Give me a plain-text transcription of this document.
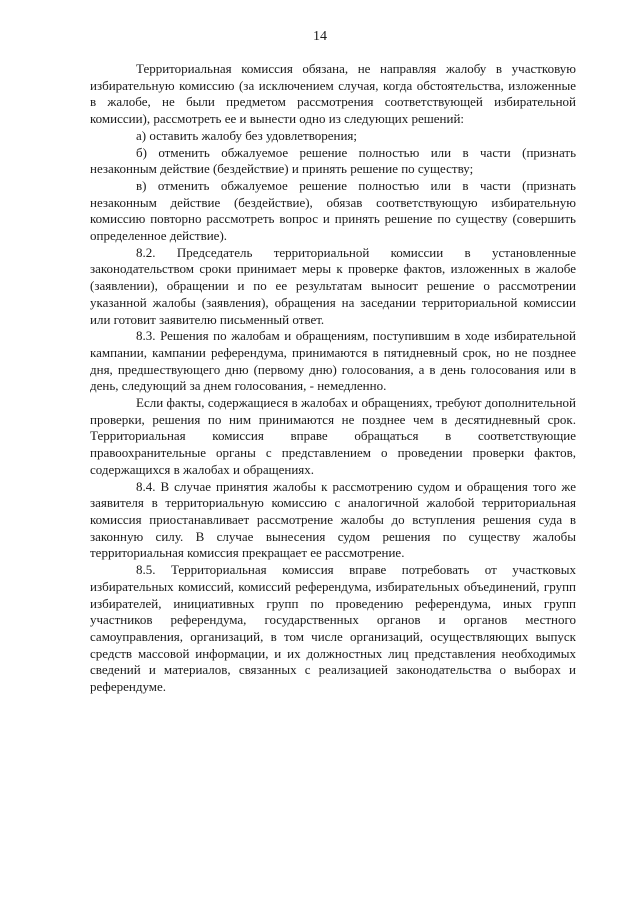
14

Территориальная комиссия обязана, не направляя жалобу в участковую избирательную комиссию (за исключением случая, когда обстоятельства, изложенные в жалобе, не были предметом рассмотрения соответствующей избирательной комиссии), рассмотреть ее и вынести одно из следующих решений:

а) оставить жалобу без удовлетворения;

б) отменить обжалуемое решение полностью или в части (признать незаконным действие (бездействие) и принять решение по существу;

в) отменить обжалуемое решение полностью или в части (признать незаконным действие (бездействие), обязав соответствующую избирательную комиссию повторно рассмотреть вопрос и принять решение по существу (совершить определенное действие).

8.2. Председатель территориальной комиссии в установленные законодательством сроки принимает меры к проверке фактов, изложенных в жалобе (заявлении), обращении и по ее результатам выносит решение о рассмотрении указанной жалобы (заявления), обращения на заседании территориальной комиссии или готовит заявителю письменный ответ.

8.3. Решения по жалобам и обращениям, поступившим в ходе избирательной кампании, кампании референдума, принимаются в пятидневный срок, но не позднее дня, предшествующего дню (первому дню) голосования, а в день голосования или в день, следующий за днем голосования, - немедленно.

Если факты, содержащиеся в жалобах и обращениях, требуют дополнительной проверки, решения по ним принимаются не позднее чем в десятидневный срок. Территориальная комиссия вправе обращаться в соответствующие правоохранительные органы с представлением о проведении проверки фактов, содержащихся в жалобах и обращениях.

8.4. В случае принятия жалобы к рассмотрению судом и обращения того же заявителя в территориальную комиссию с аналогичной жалобой территориальная комиссия приостанавливает рассмотрение жалобы до вступления решения суда в законную силу. В случае вынесения судом решения по существу жалобы территориальная комиссия прекращает ее рассмотрение.

8.5. Территориальная комиссия вправе потребовать от участковых избирательных комиссий, комиссий референдума, избирательных объединений, групп избирателей, инициативных групп по проведению референдума, иных групп участников референдума, государственных органов и органов местного самоуправления, организаций, в том числе организаций, осуществляющих выпуск средств массовой информации, и их должностных лиц представления необходимых сведений и материалов, связанных с реализацией законодательства о выборах и референдуме.
